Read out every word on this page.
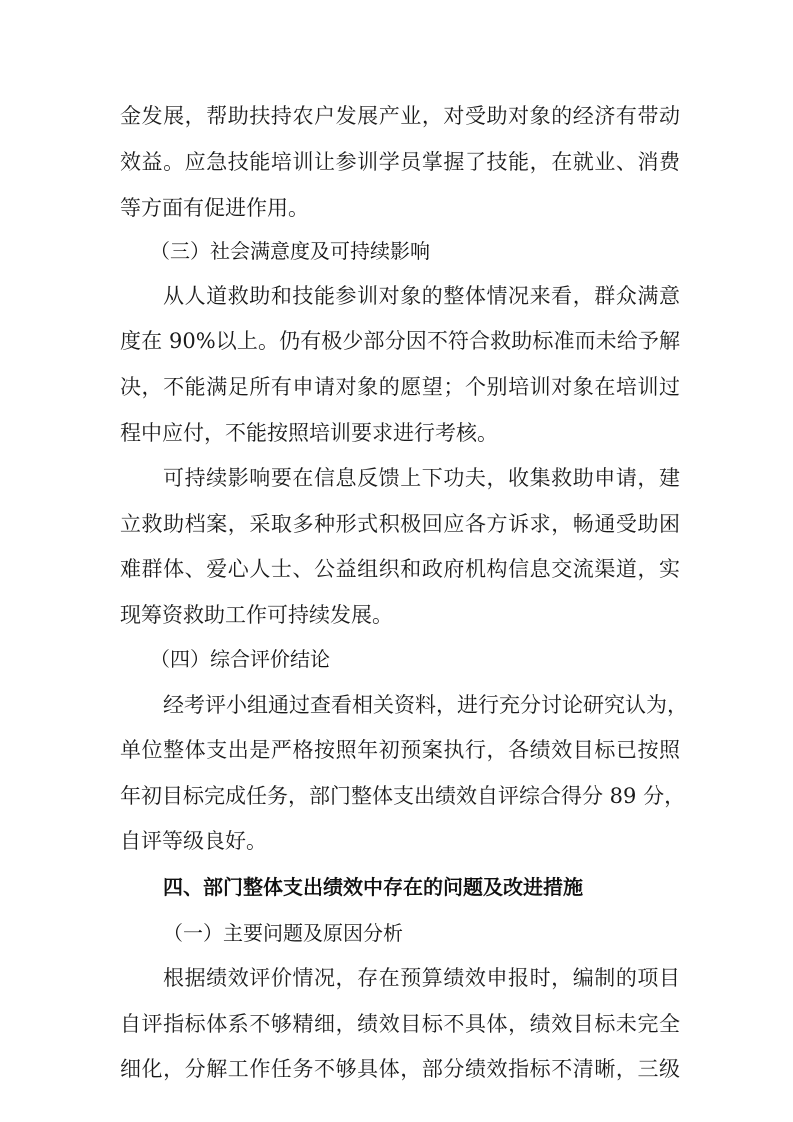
金发展，帮助扶持农户发展产业，对受助对象的经济有带动
效益。应急技能培训让参训学员掌握了技能，在就业、消费
等方面有促进作用。
（三）社会满意度及可持续影响
从人道救助和技能参训对象的整体情况来看，群众满意
度在 90%以上。仍有极少部分因不符合救助标准而未给予解
决，不能满足所有申请对象的愿望；个别培训对象在培训过
程中应付，不能按照培训要求进行考核。
可持续影响要在信息反馈上下功夫，收集救助申请，建
立救助档案，采取多种形式积极回应各方诉求，畅通受助困
难群体、爱心人士、公益组织和政府机构信息交流渠道，实
现筹资救助工作可持续发展。
（四）综合评价结论
经考评小组通过查看相关资料，进行充分讨论研究认为，
单位整体支出是严格按照年初预案执行，各绩效目标已按照
年初目标完成任务，部门整体支出绩效自评综合得分 89 分，
自评等级良好。
四、部门整体支出绩效中存在的问题及改进措施
（一）主要问题及原因分析
根据绩效评价情况，存在预算绩效申报时，编制的项目
自评指标体系不够精细，绩效目标不具体，绩效目标未完全
细化，分解工作任务不够具体，部分绩效指标不清晰，三级
